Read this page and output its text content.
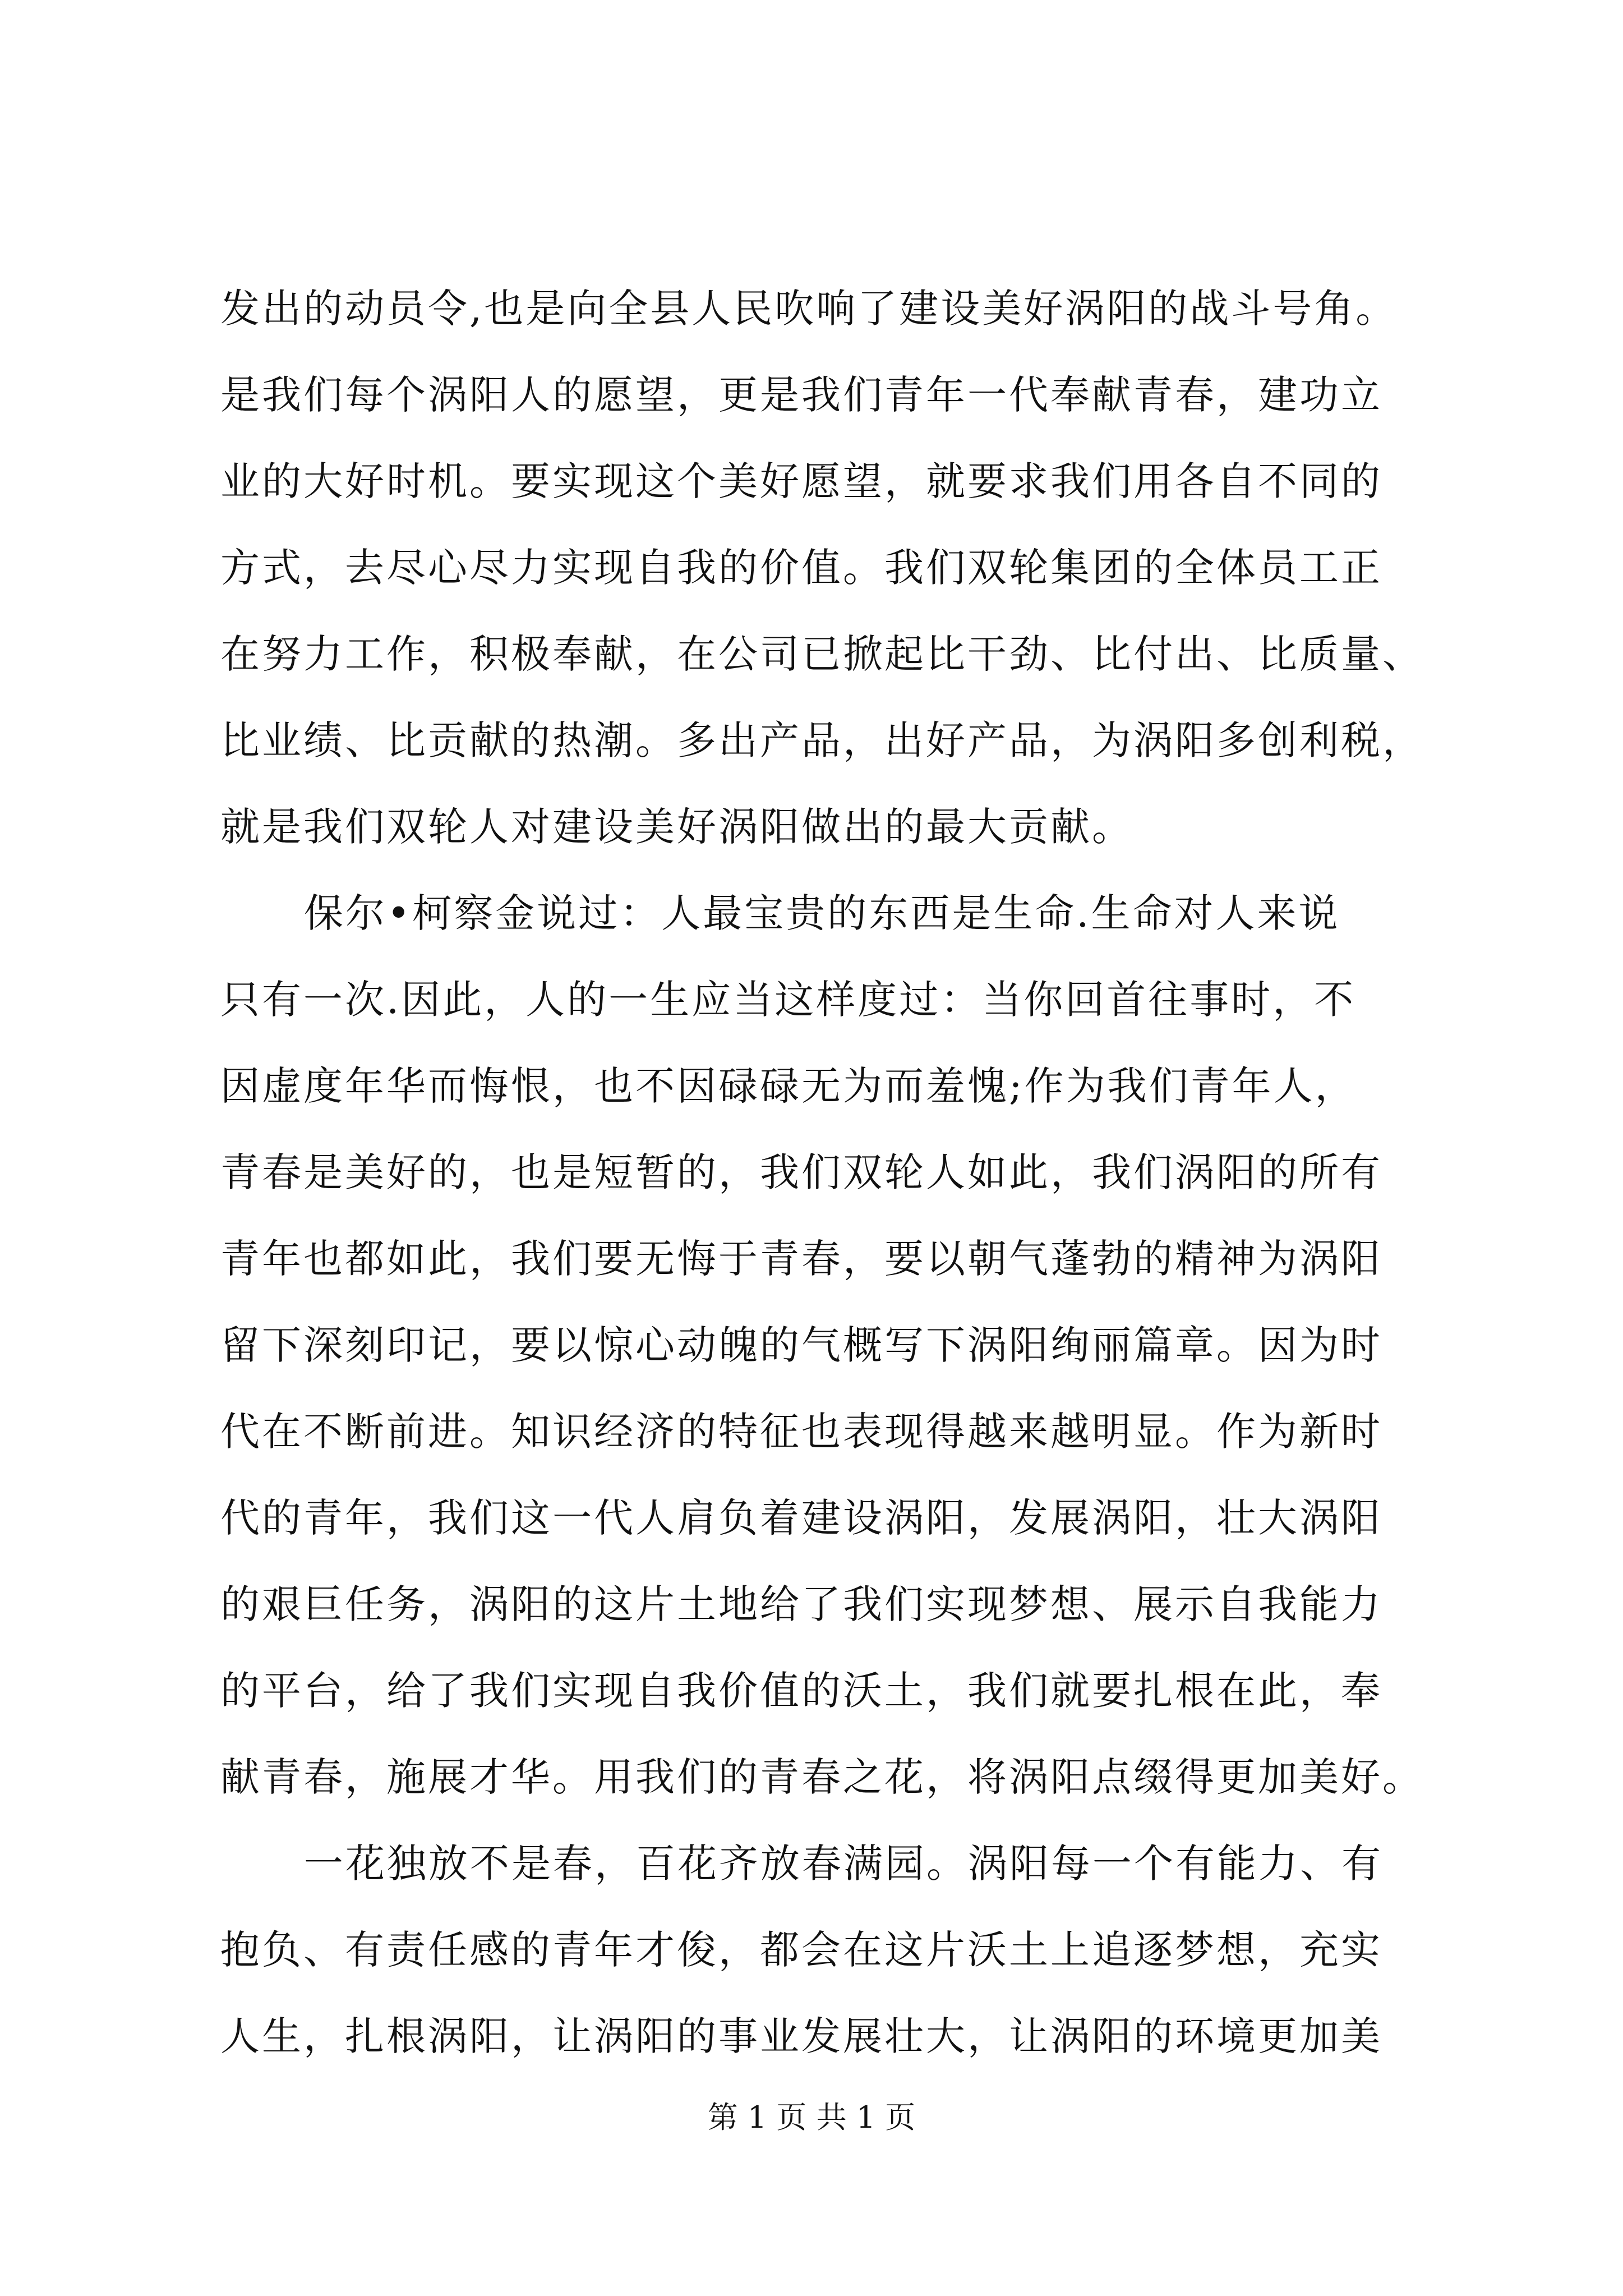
发出的动员令,也是向全县人民吹响了建设美好涡阳的战斗号角。
是我们每个涡阳人的愿望，更是我们青年一代奉献青春，建功立
业的大好时机。要实现这个美好愿望，就要求我们用各自不同的
方式，去尽心尽力实现自我的价值。我们双轮集团的全体员工正
在努力工作，积极奉献，在公司已掀起比干劲、比付出、比质量、
比业绩、比贡献的热潮。多出产品，出好产品，为涡阳多创利税，
就是我们双轮人对建设美好涡阳做出的最大贡献。
保尔•柯察金说过：人最宝贵的东西是生命.生命对人来说
只有一次.因此，人的一生应当这样度过：当你回首往事时，不
因虚度年华而悔恨，也不因碌碌无为而羞愧;作为我们青年人，
青春是美好的，也是短暂的，我们双轮人如此，我们涡阳的所有
青年也都如此，我们要无悔于青春，要以朝气蓬勃的精神为涡阳
留下深刻印记，要以惊心动魄的气概写下涡阳绚丽篇章。因为时
代在不断前进。知识经济的特征也表现得越来越明显。作为新时
代的青年，我们这一代人肩负着建设涡阳，发展涡阳，壮大涡阳
的艰巨任务，涡阳的这片土地给了我们实现梦想、展示自我能力
的平台，给了我们实现自我价值的沃土，我们就要扎根在此，奉
献青春，施展才华。用我们的青春之花，将涡阳点缀得更加美好。
一花独放不是春，百花齐放春满园。涡阳每一个有能力、有
抱负、有责任感的青年才俊，都会在这片沃土上追逐梦想，充实
人生，扎根涡阳，让涡阳的事业发展壮大，让涡阳的环境更加美
第 1 页 共 1 页
